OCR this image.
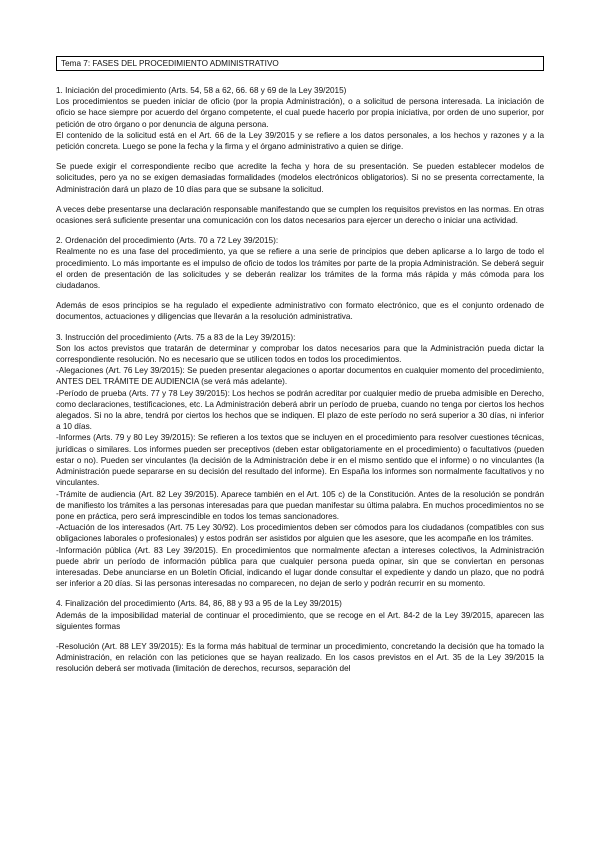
Tema 7: FASES DEL PROCEDIMIENTO ADMINISTRATIVO
1. Iniciación del procedimiento (Arts. 54, 58 a 62, 66. 68 y 69 de la Ley 39/2015)

Los procedimientos se pueden iniciar de oficio (por la propia Administración), o a solicitud de persona interesada. La iniciación de oficio se hace siempre por acuerdo del órgano competente, el cual puede hacerlo por propia iniciativa, por orden de uno superior, por petición de otro órgano o por denuncia de alguna persona.

El contenido de la solicitud está en el Art. 66 de la Ley 39/2015 y se refiere a los datos personales, a los hechos y razones y a la petición concreta. Luego se pone la fecha y la firma y el órgano administrativo a quien se dirige.

Se puede exigir el correspondiente recibo que acredite la fecha y hora de su presentación. Se pueden establecer modelos de solicitudes, pero ya no se exigen demasiadas formalidades (modelos electrónicos obligatorios). Si no se presenta correctamente, la Administración dará un plazo de 10 días para que se subsane la solicitud.

A veces debe presentarse una declaración responsable manifestando que se cumplen los requisitos previstos en las normas. En otras ocasiones será suficiente presentar una comunicación con los datos necesarios para ejercer un derecho o iniciar una actividad.

2. Ordenación del procedimiento (Arts. 70 a 72 Ley 39/2015):

Realmente no es una fase del procedimiento, ya que se refiere a una serie de principios que deben aplicarse a lo largo de todo el procedimiento. Lo más importante es el impulso de oficio de todos los trámites por parte de la propia Administración. Se deberá seguir el orden de presentación de las solicitudes y se deberán realizar los trámites de la forma más rápida y más cómoda para los ciudadanos.

Además de esos principios se ha regulado el expediente administrativo con formato electrónico, que es el conjunto ordenado de documentos, actuaciones y diligencias que llevarán a la resolución administrativa.

3. Instrucción del procedimiento (Arts. 75 a 83 de la Ley 39/2015):

Son los actos previstos que tratarán de determinar y comprobar los datos necesarios para que la Administración pueda dictar la correspondiente resolución. No es necesario que se utilicen todos en todos los procedimientos.

-Alegaciones (Art. 76 Ley 39/2015): Se pueden presentar alegaciones o aportar documentos en cualquier momento del procedimiento, ANTES DEL TRÁMITE DE AUDIENCIA (se verá más adelante).

-Período de prueba (Arts. 77 y 78 Ley 39/2015): Los hechos se podrán acreditar por cualquier medio de prueba admisible en Derecho, como declaraciones, testificaciones, etc. La Administración deberá abrir un período de prueba, cuando no tenga por ciertos los hechos alegados. Si no la abre, tendrá por ciertos los hechos que se indiquen. El plazo de este período no será superior a 30 días, ni inferior a 10 días.

-Informes (Arts. 79 y 80 Ley 39/2015): Se refieren a los textos que se incluyen en el procedimiento para resolver cuestiones técnicas, jurídicas o similares. Los informes pueden ser preceptivos (deben estar obligatoriamente en el procedimiento) o facultativos (pueden estar o no). Pueden ser vinculantes (la decisión de la Administración debe ir en el mismo sentido que el informe) o no vinculantes (la Administración puede separarse en su decisión del resultado del informe). En España los informes son normalmente facultativos y no vinculantes.

-Trámite de audiencia (Art. 82 Ley 39/2015). Aparece también en el Art. 105 c) de la Constitución. Antes de la resolución se pondrán de manifiesto los trámites a las personas interesadas para que puedan manifestar su última palabra. En muchos procedimientos no se pone en práctica, pero será imprescindible en todos los temas sancionadores.

-Actuación de los interesados (Art. 75 Ley 30/92). Los procedimientos deben ser cómodos para los ciudadanos (compatibles con sus obligaciones laborales o profesionales) y estos podrán ser asistidos por alguien que les asesore, que les acompañe en los trámites.

-Información pública (Art. 83 Ley 39/2015). En procedimientos que normalmente afectan a intereses colectivos, la Administración puede abrir un período de información pública para que cualquier persona pueda opinar, sin que se conviertan en personas interesadas. Debe anunciarse en un Boletín Oficial, indicando el lugar donde consultar el expediente y dando un plazo, que no podrá ser inferior a 20 días. Si las personas interesadas no comparecen, no dejan de serlo y podrán recurrir en su momento.

4. Finalización del procedimiento (Arts. 84, 86, 88 y 93 a 95 de la Ley 39/2015)

Además de la imposibilidad material de continuar el procedimiento, que se recoge en el Art. 84-2 de la Ley 39/2015, aparecen las siguientes formas

-Resolución (Art. 88 LEY 39/2015): Es la forma más habitual de terminar un procedimiento, concretando la decisión que ha tomado la Administración, en relación con las peticiones que se hayan realizado. En los casos previstos en el Art. 35 de la Ley 39/2015 la resolución deberá ser motivada (limitación de derechos, recursos, separación del
